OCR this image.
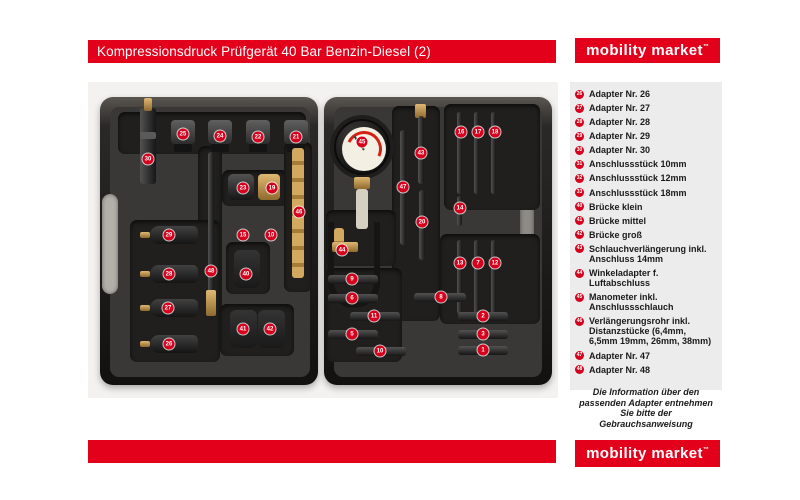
Kompressionsdruck Prüfgerät 40 Bar Benzin-Diesel (2)	mobility market ™
30
25	24	22	21
23	19
46
29	15	10
28	48	40
27
26
41	42
45
16	17	18
43
47
14
20
44
13	7	12
9
6	8
11
5
2
3
10	1
26 Adapter Nr. 26
27 Adapter Nr. 27
28 Adapter Nr. 28
29 Adapter Nr. 29
30 Adapter Nr. 30
31 Anschlussstück 10mm
32 Anschlussstück 12mm
33 Anschlussstück 18mm
40 Brücke klein
41 Brücke mittel
42 Brücke groß
43 Schlauchverlängerung inkl. Anschluss 14mm
44 Winkeladapter f. Luftabschluss
45 Manometer inkl. Anschlussschlauch
46 Verlängerungsrohr inkl. Distanzstücke (6,4mm, 6,5mm 19mm, 26mm, 38mm)
47 Adapter Nr. 47
48 Adapter Nr. 48
Die Information über den passenden Adapter entnehmen Sie bitte der Gebrauchsanweisung
mobility market ™
